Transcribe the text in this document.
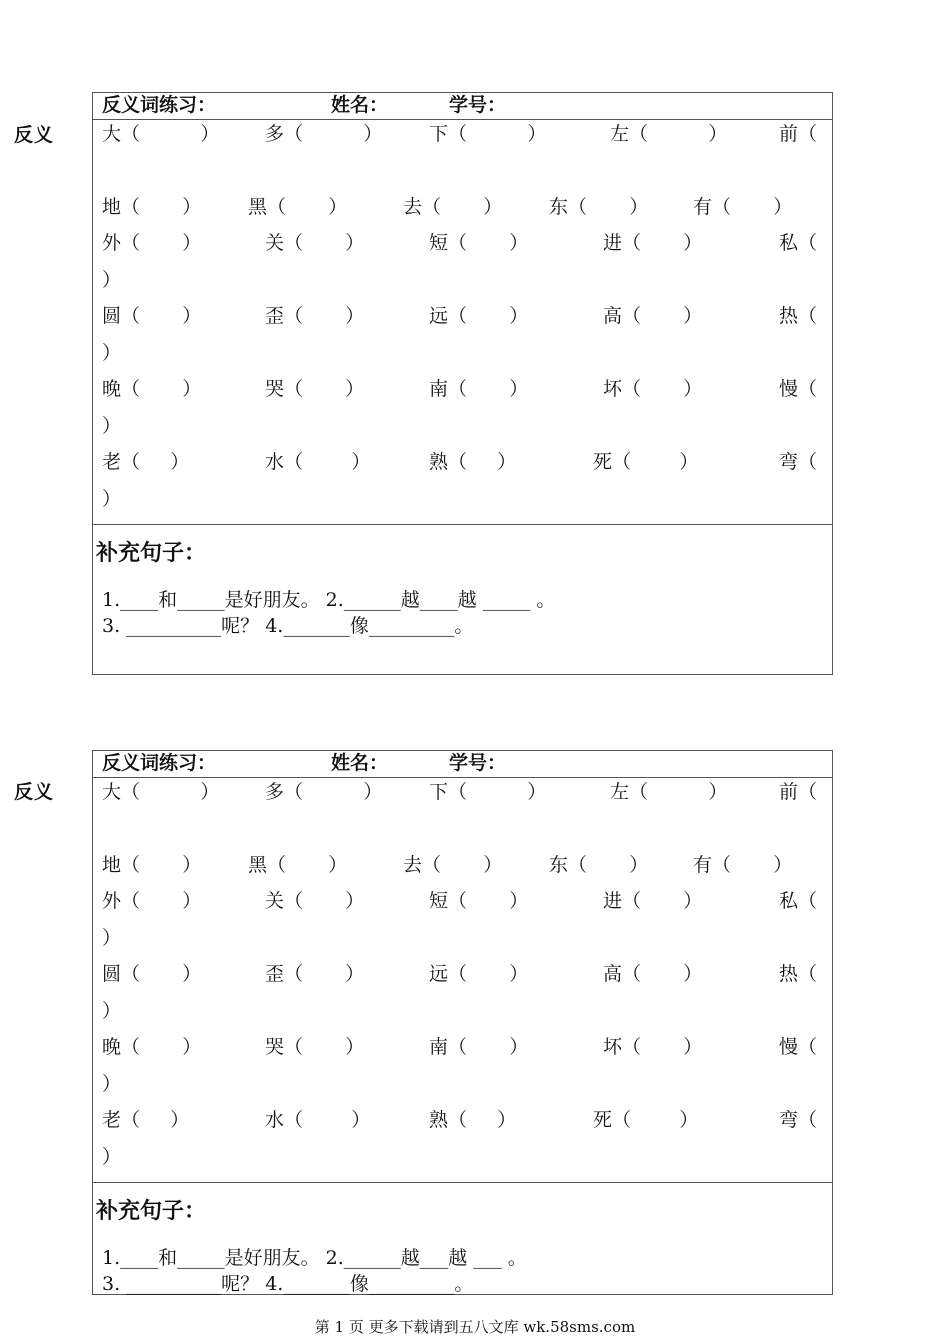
反义
反义词练习：	姓名：	学号：
大（          ） 多（          ） 下（          ）	左（          ）	前（
地（       ） 黑（       ）	去（       ） 东（       ） 有（       ）
外（       ）	关（       ）	短（       ）	进（       ）	私（
）
圆（       ）	歪（       ）	远（       ）	高（       ）	热（
）
晚（       ）	哭（       ）	南（       ）	坏（       ）	慢（
）
老（     ）	水（        ）	熟（     ）	死（        ）	弯（
）
补充句子：
1.____和_____是好朋友。 2.______越____越 _____ 。
3. __________呢？ 4._______像_________。
反义
反义词练习：	姓名：	学号：
大（          ） 多（          ） 下（          ）	左（          ）	前（
地（       ） 黑（       ）	去（       ） 东（       ） 有（       ）
外（       ）	关（       ）	短（       ）	进（       ）	私（
）
圆（       ）	歪（       ）	远（       ）	高（       ）	热（
）
晚（       ）	哭（       ）	南（       ）	坏（       ）	慢（
）
老（     ）	水（        ）	熟（     ）	死（        ）	弯（
）
补充句子：
1.____和_____是好朋友。 2.______越___越 ___ 。
3. __________呢？ 4._______像_________。
第 1 页 更多下载请到五八文库 wk.58sms.com
